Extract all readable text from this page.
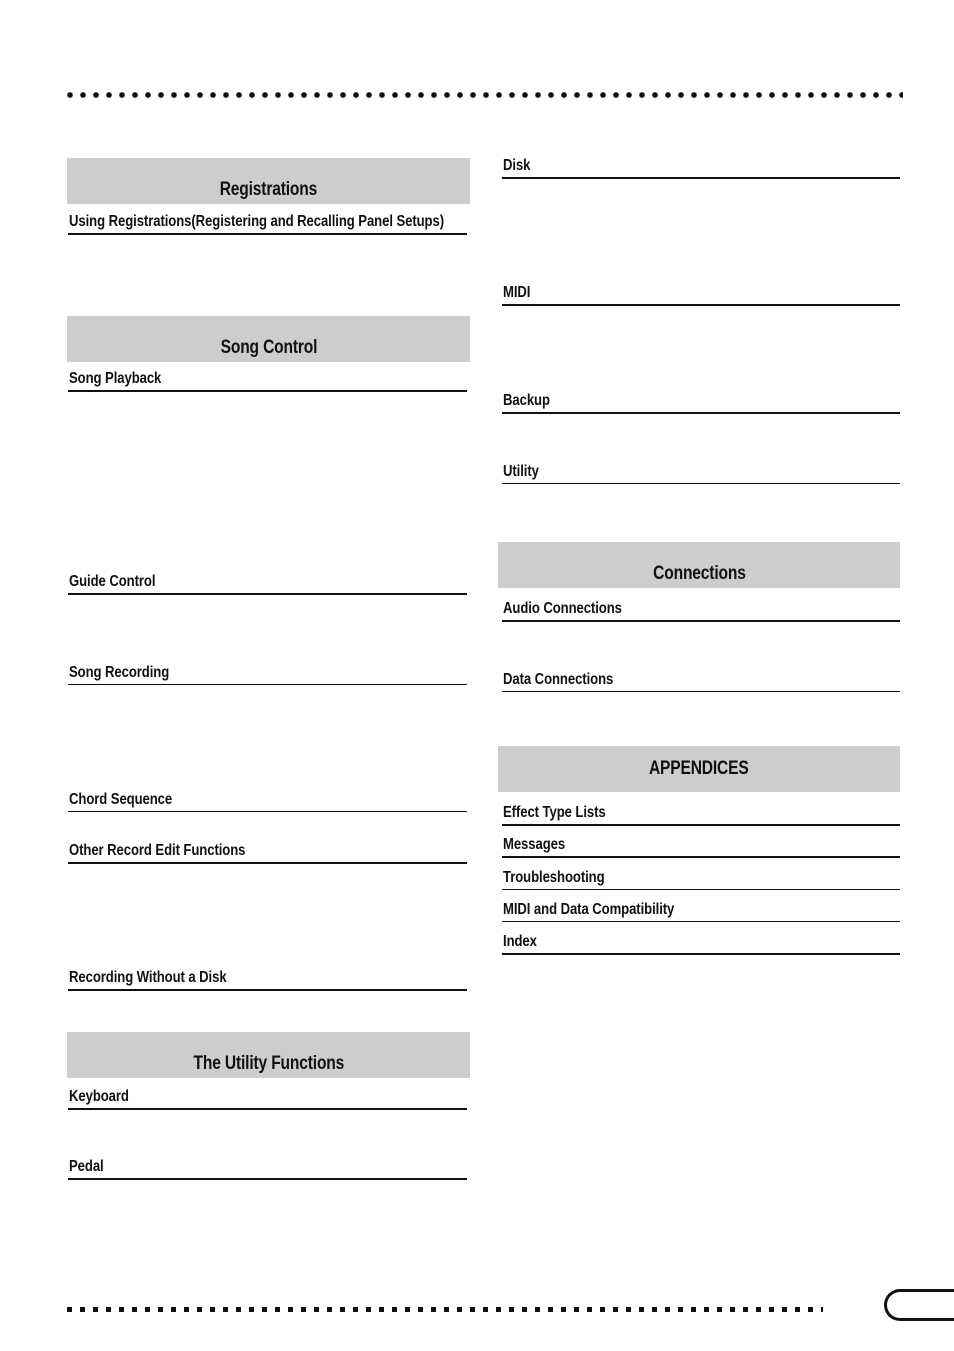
Registrations
Using Registrations(Registering and Recalling Panel Setups)
Song Control
Song Playback
Guide Control
Song Recording
Chord Sequence
Other Record Edit Functions
Recording Without a Disk
The Utility Functions
Keyboard
Pedal
Disk
MIDI
Backup
Utility
Connections
Audio Connections
Data Connections
APPENDICES
Effect Type Lists
Messages
Troubleshooting
MIDI and Data Compatibility
Index
